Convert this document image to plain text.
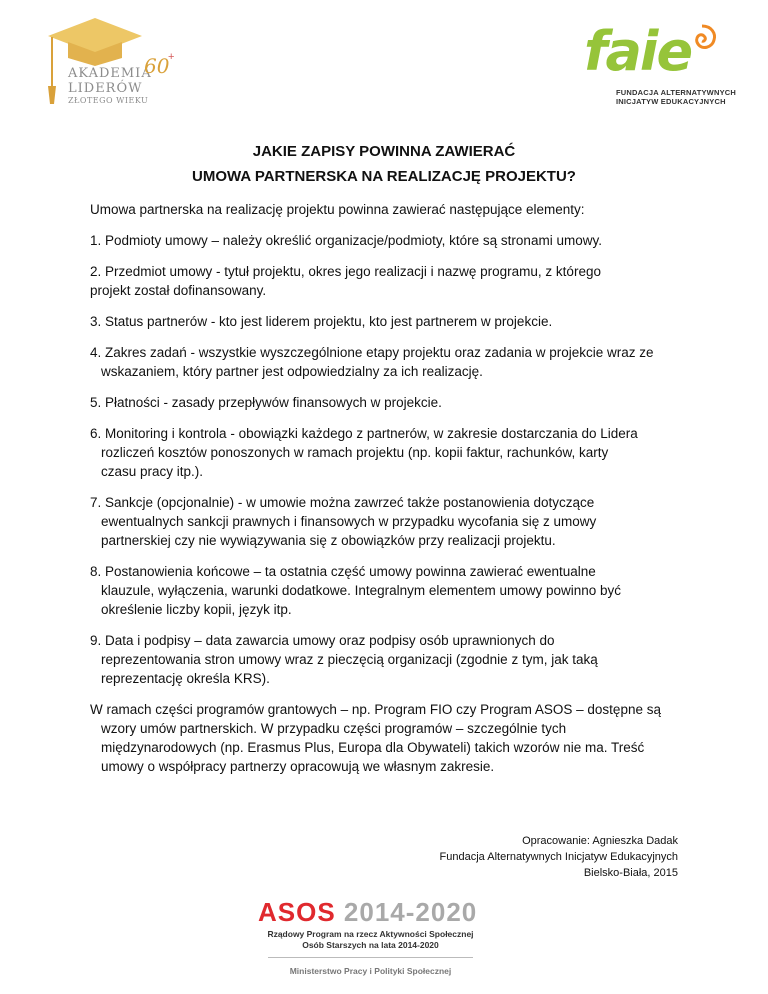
AKADEMIA
LIDERÓW
ZŁOTEGO WIEKU
60
+	faie
FUNDACJA ALTERNATYWNYCH
INICJATYW EDUKACYJNYCH
JAKIE ZAPISY POWINNA ZAWIERAĆ
UMOWA PARTNERSKA NA REALIZACJĘ PROJEKTU?

Umowa partnerska na realizację projektu powinna zawierać następujące elementy:

1. Podmioty umowy – należy określić organizacje/podmioty, które są stronami umowy.
2. Przedmiot umowy - tytuł projektu, okres jego realizacji i nazwę programu, z którego
projekt został dofinansowany.
3. Status partnerów - kto jest liderem projektu, kto jest partnerem w projekcie.
4. Zakres zadań - wszystkie wyszczególnione etapy projektu oraz zadania w projekcie wraz ze
wskazaniem, który partner jest odpowiedzialny za ich realizację.
5. Płatności - zasady przepływów finansowych w projekcie.
6. Monitoring i kontrola - obowiązki każdego z partnerów, w zakresie dostarczania do Lidera
rozliczeń kosztów ponoszonych w ramach projektu (np. kopii faktur, rachunków, karty
czasu pracy itp.).
7. Sankcje (opcjonalnie) - w umowie można zawrzeć także postanowienia dotyczące
ewentualnych sankcji prawnych i finansowych w przypadku wycofania się z umowy
partnerskiej czy nie wywiązywania się z obowiązków przy realizacji projektu.
8. Postanowienia końcowe – ta ostatnia część umowy powinna zawierać ewentualne
klauzule, wyłączenia, warunki dodatkowe. Integralnym elementem umowy powinno być
określenie liczby kopii, język itp.
9. Data i podpisy – data zawarcia umowy oraz podpisy osób uprawnionych do
reprezentowania stron umowy wraz z pieczęcią organizacji (zgodnie z tym, jak taką
reprezentację określa KRS).
W ramach części programów grantowych – np. Program FIO czy Program ASOS – dostępne są
wzory umów partnerskich. W przypadku części programów – szczególnie tych
międzynarodowych (np. Erasmus Plus, Europa dla Obywateli) takich wzorów nie ma. Treść
umowy o współpracy partnerzy opracowują we własnym zakresie.
Opracowanie: Agnieszka Dadak
Fundacja Alternatywnych Inicjatyw Edukacyjnych
Bielsko-Biała, 2015
ASOS 2014-2020
Rządowy Program na rzecz Aktywności Społecznej
Osób Starszych na lata 2014-2020
Ministerstwo Pracy i Polityki Społecznej
